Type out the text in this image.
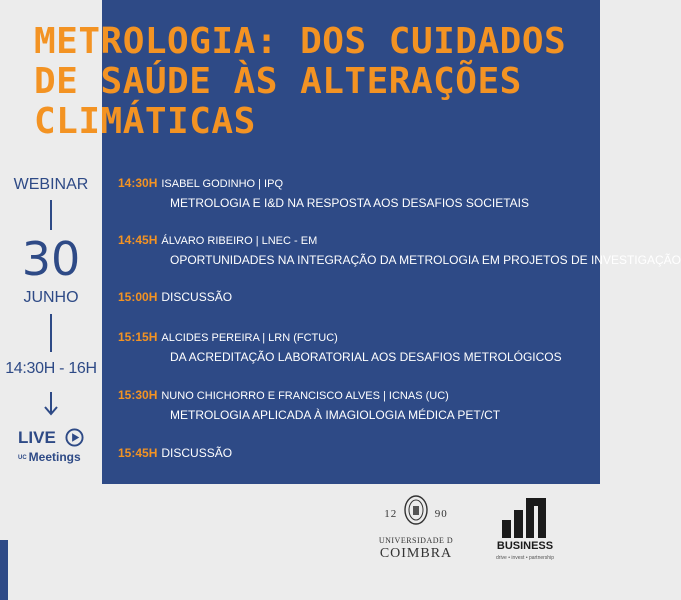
METROLOGIA: DOS CUIDADOS
DE SAÚDE ÀS ALTERAÇÕES
CLIMÁTICAS
WEBINAR
30
JUNHO
14:30H - 16H
LIVE
UC Meetings
14:30H ISABEL GODINHO | IPQ
METROLOGIA E I&D NA RESPOSTA AOS DESAFIOS SOCIETAIS
14:45H ÁLVARO RIBEIRO | LNEC - EM
OPORTUNIDADES NA INTEGRAÇÃO DA METROLOGIA EM PROJETOS DE INVESTIGAÇÃO
15:00H DISCUSSÃO
15:15H ALCIDES PEREIRA | LRN (FCTUC)
DA ACREDITAÇÃO LABORATORIAL AOS DESAFIOS METROLÓGICOS
15:30H NUNO CHICHORRO E FRANCISCO ALVES | ICNAS (UC)
METROLOGIA APLICADA À IMAGIOLOGIA MÉDICA PET/CT
15:45H DISCUSSÃO
12	90
UNIVERSIDADE D
COIMBRA	BUSINESS
drive • invest • partnership
